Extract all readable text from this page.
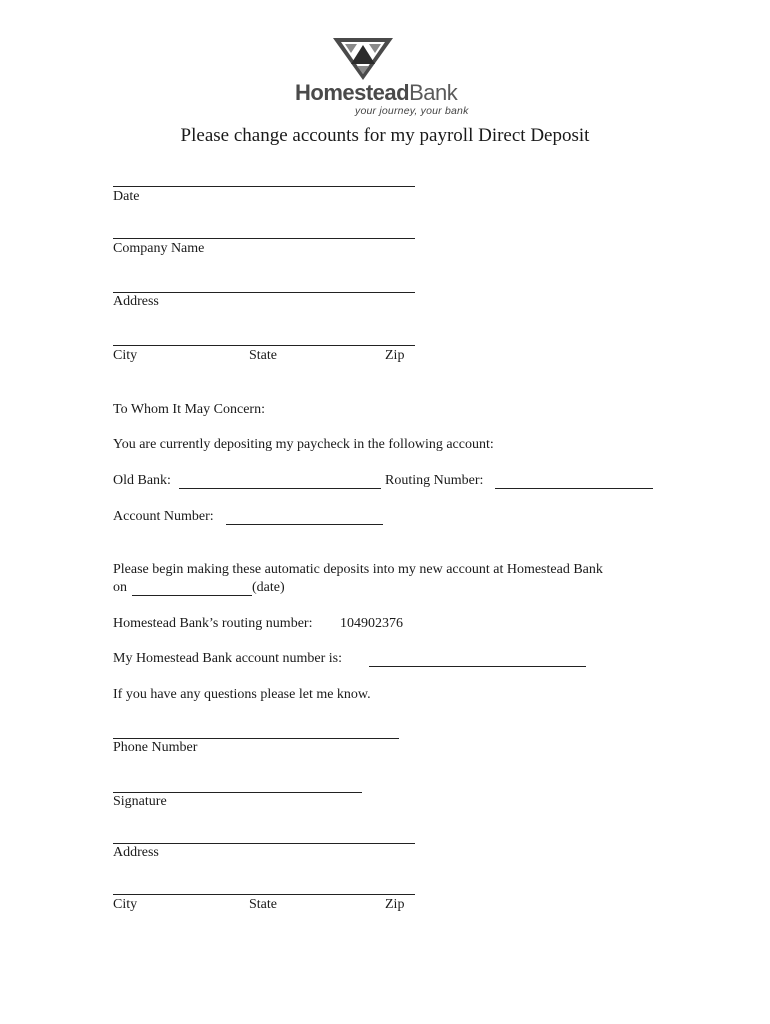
HomesteadBank
your journey, your bank
Please change accounts for my payroll Direct Deposit
Date
Company Name
Address
City	State	Zip
To Whom It May Concern:
You are currently depositing my paycheck in the following account:
Old Bank:	Routing Number:
Account Number:
Please begin making these automatic deposits into my new account at Homestead Bank
on	(date)
Homestead Bank’s routing number: 104902376
My Homestead Bank account number is:
If you have any questions please let me know.
Phone Number
Signature
Address
City	State	Zip
